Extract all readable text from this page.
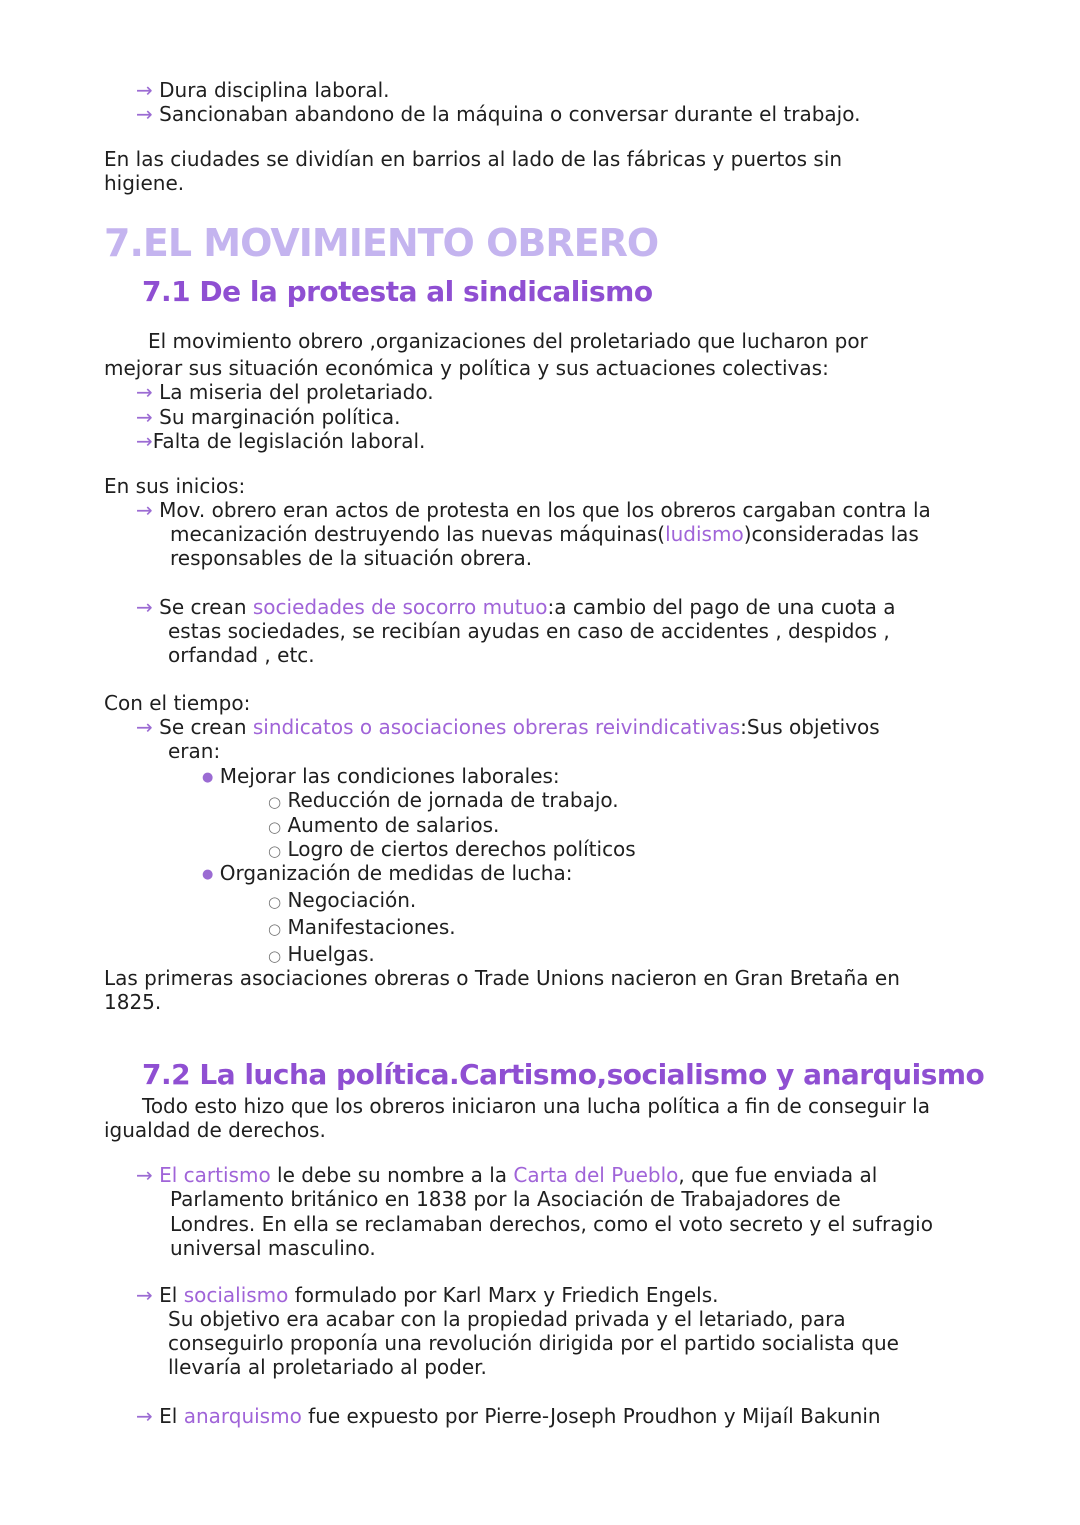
→ Dura disciplina laboral.
→ Sancionaban abandono de la máquina o conversar durante el trabajo.
En las ciudades se dividían en barrios al lado de las fábricas y puertos sin
higiene.
7.EL MOVIMIENTO OBRERO
7.1 De la protesta al sindicalismo
El movimiento obrero ,organizaciones del proletariado que lucharon por
mejorar sus situación económica y política y sus actuaciones colectivas:
→ La miseria del proletariado.
→ Su marginación política.
→Falta de legislación laboral.
En sus inicios:
→ Mov. obrero eran actos de protesta en los que los obreros cargaban contra la
mecanización destruyendo las nuevas máquinas(ludismo)consideradas las
responsables de la situación obrera.
→ Se crean sociedades de socorro mutuo:a cambio del pago de una cuota a
estas sociedades, se recibían ayudas en caso de accidentes , despidos ,
orfandad , etc.
Con el tiempo:
→ Se crean sindicatos o asociaciones obreras reivindicativas:Sus objetivos
eran:
● Mejorar las condiciones laborales:
○ Reducción de jornada de trabajo.
○ Aumento de salarios.
○ Logro de ciertos derechos políticos
● Organización de medidas de lucha:
○ Negociación.
○ Manifestaciones.
○ Huelgas.
Las primeras asociaciones obreras o Trade Unions nacieron en Gran Bretaña en
1825.
7.2 La lucha política.Cartismo,socialismo y anarquismo
Todo esto hizo que los obreros iniciaron una lucha política a fin de conseguir la
igualdad de derechos.
→ El cartismo le debe su nombre a la Carta del Pueblo, que fue enviada al
Parlamento británico en 1838 por la Asociación de Trabajadores de
Londres. En ella se reclamaban derechos, como el voto secreto y el sufragio
universal masculino.
→ El socialismo formulado por Karl Marx y Friedich Engels.
Su objetivo era acabar con la propiedad privada y el letariado, para
conseguirlo proponía una revolución dirigida por el partido socialista que
llevaría al proletariado al poder.
→ El anarquismo fue expuesto por Pierre-Joseph Proudhon y Mijaíl Bakunin
